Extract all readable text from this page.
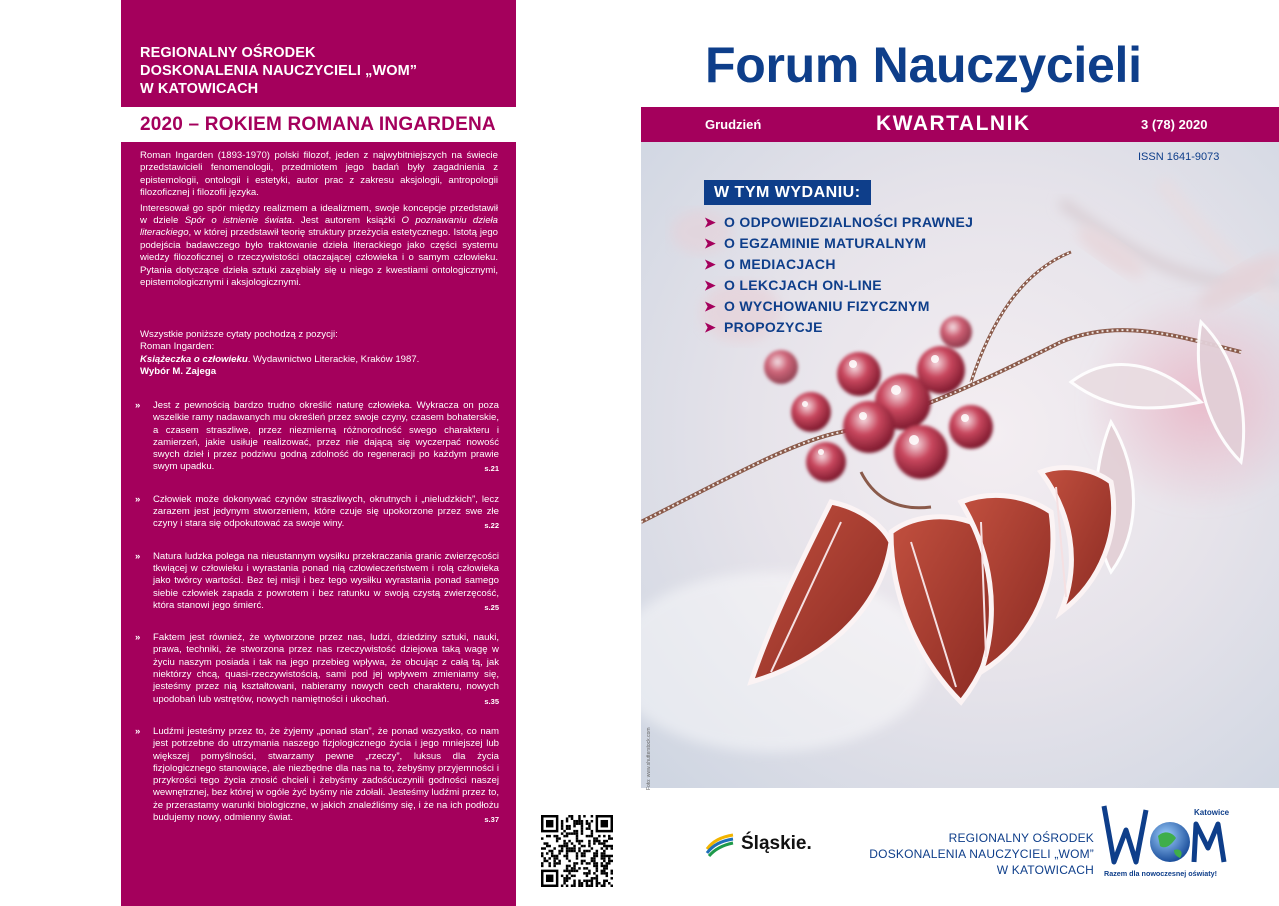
REGIONALNY OŚRODEK
DOSKONALENIA NAUCZYCIELI „WOM”
W KATOWICACH
2020 – ROKIEM ROMANA INGARDENA

Roman Ingarden (1893-1970) polski filozof, jeden z najwybitniejszych na świecie przedstawicieli fenomenologii, przedmiotem jego badań były zagadnienia z epistemologii, ontologii i estetyki, autor prac z zakresu aksjologii, antropologii filozoficznej i filozofii języka.

Interesował go spór między realizmem a idealizmem, swoje koncepcje przedstawił w dziele Spór o istnienie świata. Jest autorem książki O poznawaniu dzieła literackiego, w której przedstawił teorię struktury przeżycia estetycznego. Istotą jego podejścia badawczego było traktowanie dzieła literackiego jako części systemu wiedzy filozoficznej o rzeczywistości otaczającej człowieka i o samym człowieku. Pytania dotyczące dzieła sztuki zazębiały się u niego z kwestiami ontologicznymi, epistemologicznymi i aksjologicznymi.

Wszystkie poniższe cytaty pochodzą z pozycji:
Roman Ingarden:
Książeczka o człowieku. Wydawnictwo Literackie, Kraków 1987.
Wybór M. Zajega
» Jest z pewnością bardzo trudno określić naturę człowieka. Wykracza on poza wszelkie ramy nadawanych mu określeń przez swoje czyny, czasem bohaterskie, a czasem straszliwe, przez niezmierną różnorodność swego charakteru i zamierzeń, jakie usiłuje realizować, przez nie dającą się wyczerpać nowość swych dzieł i przez podziwu godną zdolność do regeneracji po każdym prawie swym upadku.	s.21
» Człowiek może dokonywać czynów straszliwych, okrutnych i „nieludzkich”, lecz zarazem jest jedynym stworzeniem, które czuje się upokorzone przez swe złe czyny i stara się odpokutować za swoje winy.	s.22
» Natura ludzka polega na nieustannym wysiłku przekraczania granic zwierzęcości tkwiącej w człowieku i wyrastania ponad nią człowieczeństwem i rolą człowieka jako twórcy wartości. Bez tej misji i bez tego wysiłku wyrastania ponad samego siebie człowiek zapada z powrotem i bez ratunku w swoją czystą zwierzęcość, która stanowi jego śmierć.	s.25
» Faktem jest również, że wytworzone przez nas, ludzi, dziedziny sztuki, nauki, prawa, techniki, że stworzona przez nas rzeczywistość dziejowa taką wagę w życiu naszym posiada i tak na jego przebieg wpływa, że obcując z całą tą, jak niektórzy chcą, quasi-rzeczywistością, sami pod jej wpływem zmieniamy się, jesteśmy przez nią kształtowani, nabieramy nowych cech charakteru, nowych upodobań lub wstrętów, nowych namiętności i ukochań.	s.35
» Ludźmi jesteśmy przez to, że żyjemy „ponad stan”, że ponad wszystko, co nam jest potrzebne do utrzymania naszego fizjologicznego życia i jego mniejszej lub większej pomyślności, stwarzamy pewne „rzeczy”, luksus dla życia fizjologicznego stanowiące, ale niezbędne dla nas na to, żebyśmy przyjemności i przykrości tego życia znosić chcieli i żebyśmy zadośćuczynili godności naszej wewnętrznej, bez której w ogóle żyć byśmy nie zdołali. Jesteśmy ludźmi przez to, że przerastamy warunki biologiczne, w jakich znaleźliśmy się, i że na ich podłożu budujemy nowy, odmienny świat.	s.37
Forum Nauczycieli
Grudzień	KWARTALNIK	3 (78) 2020
ISSN 1641-9073
W TYM WYDANIU:
➤ O ODPOWIEDZIALNOŚCI PRAWNEJ
➤ O EGZAMINIE MATURALNYM
➤ O MEDIACJACH
➤ O LEKCJACH ON-LINE
➤ O WYCHOWANIU FIZYCZNYM
➤ PROPOZYCJE
Foto: www.shutterstock.com
Śląskie.	REGIONALNY OŚRODEK
DOSKONALENIA NAUCZYCIELI „WOM”
W KATOWICACH
Katowice
Razem dla nowoczesnej oświaty!
